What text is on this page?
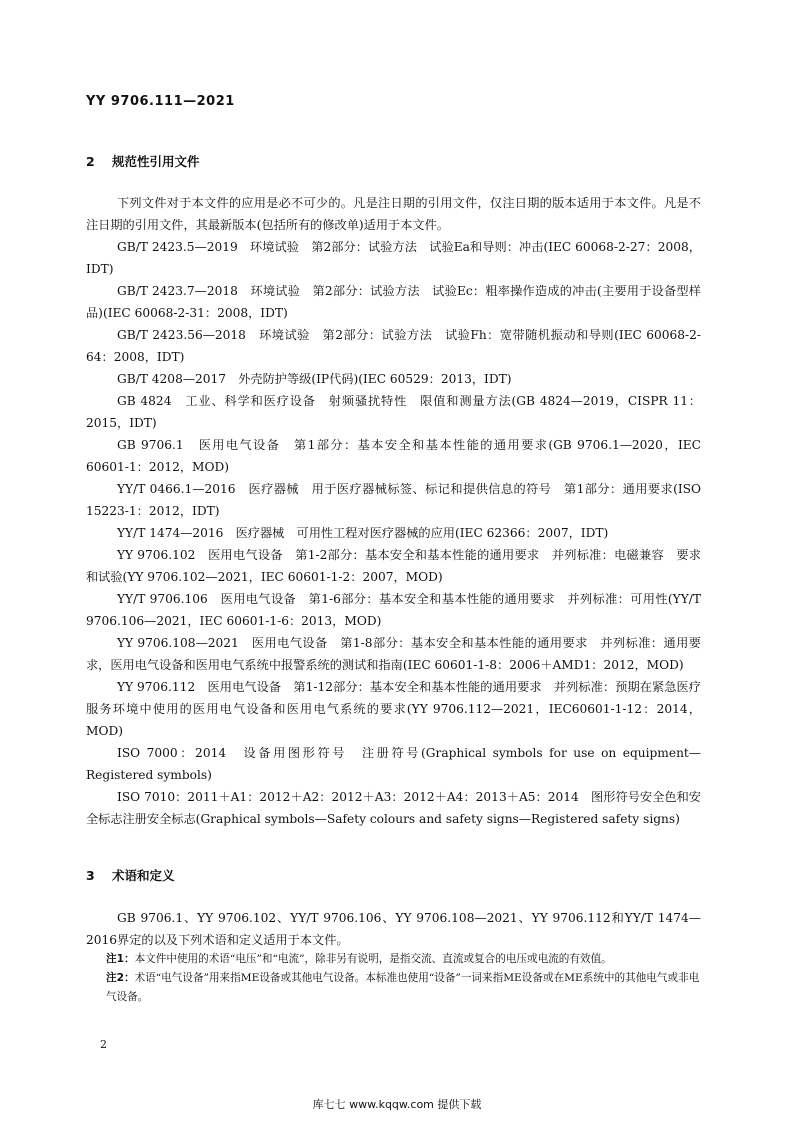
YY 9706.111—2021
2 规范性引用文件

下列文件对于本文件的应用是必不可少的。凡是注日期的引用文件，仅注日期的版本适用于本文件。凡是不注日期的引用文件，其最新版本(包括所有的修改单)适用于本文件。

GB/T 2423.5—2019　环境试验　第2部分：试验方法　试验Ea和导则：冲击(IEC 60068-2-27：2008，IDT)

GB/T 2423.7—2018　环境试验　第2部分：试验方法　试验Ec：粗率操作造成的冲击(主要用于设备型样品)(IEC 60068-2-31：2008，IDT)

GB/T 2423.56—2018　环境试验　第2部分：试验方法　试验Fh：宽带随机振动和导则(IEC 60068-2-64：2008，IDT)

GB/T 4208—2017　外壳防护等级(IP代码)(IEC 60529：2013，IDT)

GB 4824　工业、科学和医疗设备　射频骚扰特性　限值和测量方法(GB 4824—2019，CISPR 11：2015，IDT)

GB 9706.1　医用电气设备　第1部分：基本安全和基本性能的通用要求(GB 9706.1—2020，IEC 60601-1：2012，MOD)

YY/T 0466.1—2016　医疗器械　用于医疗器械标签、标记和提供信息的符号　第1部分：通用要求(ISO 15223-1：2012，IDT)

YY/T 1474—2016　医疗器械　可用性工程对医疗器械的应用(IEC 62366：2007，IDT)

YY 9706.102　医用电气设备　第1-2部分：基本安全和基本性能的通用要求　并列标准：电磁兼容　要求和试验(YY 9706.102—2021，IEC 60601-1-2：2007，MOD)

YY/T 9706.106　医用电气设备　第1-6部分：基本安全和基本性能的通用要求　并列标准：可用性(YY/T 9706.106—2021，IEC 60601-1-6：2013，MOD)

YY 9706.108—2021　医用电气设备　第1-8部分：基本安全和基本性能的通用要求　并列标准：通用要求，医用电气设备和医用电气系统中报警系统的测试和指南(IEC 60601-1-8：2006＋AMD1：2012，MOD)

YY 9706.112　医用电气设备　第1-12部分：基本安全和基本性能的通用要求　并列标准：预期在紧急医疗服务环境中使用的医用电气设备和医用电气系统的要求(YY 9706.112—2021，IEC60601-1-12：2014，MOD)

ISO 7000：2014　设备用图形符号　注册符号(Graphical symbols for use on equipment—Registered symbols)

ISO 7010：2011＋A1：2012＋A2：2012＋A3：2012＋A4：2013＋A5：2014　图形符号安全色和安全标志注册安全标志(Graphical symbols—Safety colours and safety signs—Registered safety signs)

3 术语和定义

GB 9706.1、YY 9706.102、YY/T 9706.106、YY 9706.108—2021、YY 9706.112和YY/T 1474—2016界定的以及下列术语和定义适用于本文件。

注1：本文件中使用的术语“电压”和“电流”，除非另有说明，是指交流、直流或复合的电压或电流的有效值。
注2：术语“电气设备”用来指ME设备或其他电气设备。本标准也使用“设备”一词来指ME设备或在ME系统中的其他电气或非电气设备。
2
库七七 www.kqqw.com 提供下载
